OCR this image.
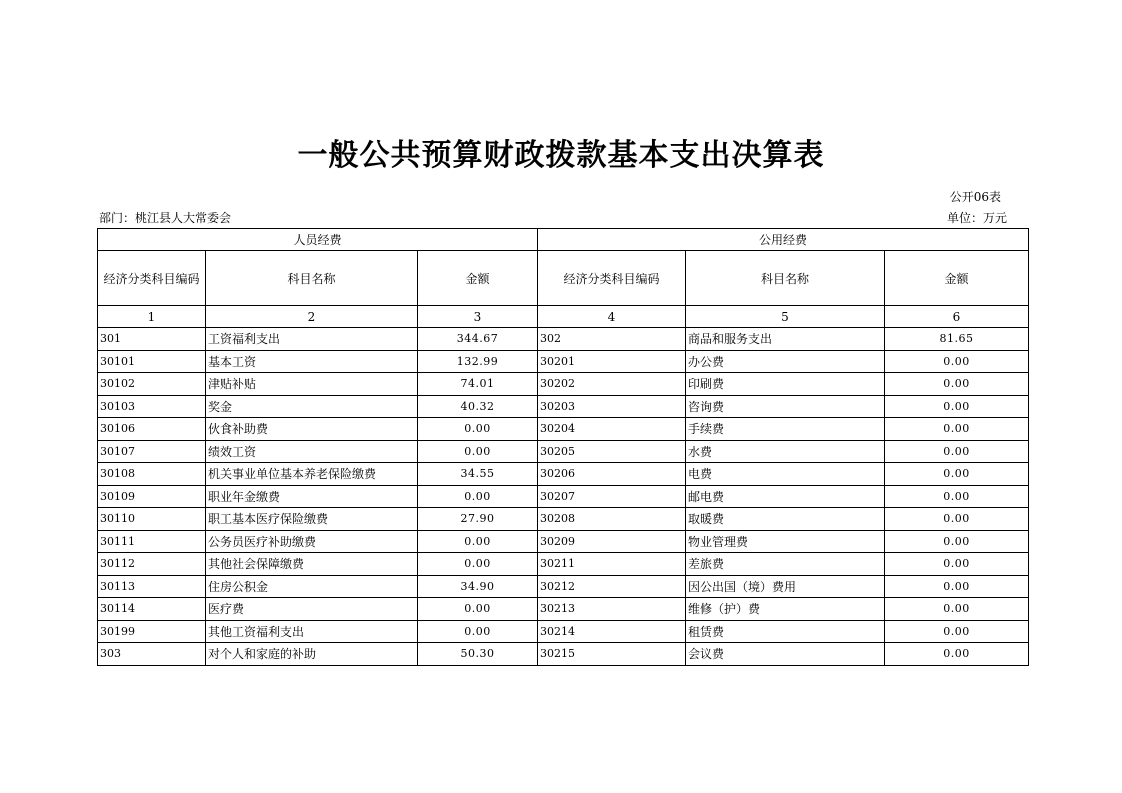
一般公共预算财政拨款基本支出决算表
公开06表
部门：桃江县人大常委会	单位：万元
人员经费			公用经费		
经济分类科目编码	科目名称	金额	经济分类科目编码	科目名称	金额
1	2	3	4	5	6
301	工资福利支出	344.67	302	商品和服务支出	81.65
30101	基本工资	132.99	30201	办公费	0.00
30102	津贴补贴	74.01	30202	印刷费	0.00
30103	奖金	40.32	30203	咨询费	0.00
30106	伙食补助费	0.00	30204	手续费	0.00
30107	绩效工资	0.00	30205	水费	0.00
30108	机关事业单位基本养老保险缴费	34.55	30206	电费	0.00
30109	职业年金缴费	0.00	30207	邮电费	0.00
30110	职工基本医疗保险缴费	27.90	30208	取暖费	0.00
30111	公务员医疗补助缴费	0.00	30209	物业管理费	0.00
30112	其他社会保障缴费	0.00	30211	差旅费	0.00
30113	住房公积金	34.90	30212	因公出国（境）费用	0.00
30114	医疗费	0.00	30213	维修（护）费	0.00
30199	其他工资福利支出	0.00	30214	租赁费	0.00
303	对个人和家庭的补助	50.30	30215	会议费	0.00
